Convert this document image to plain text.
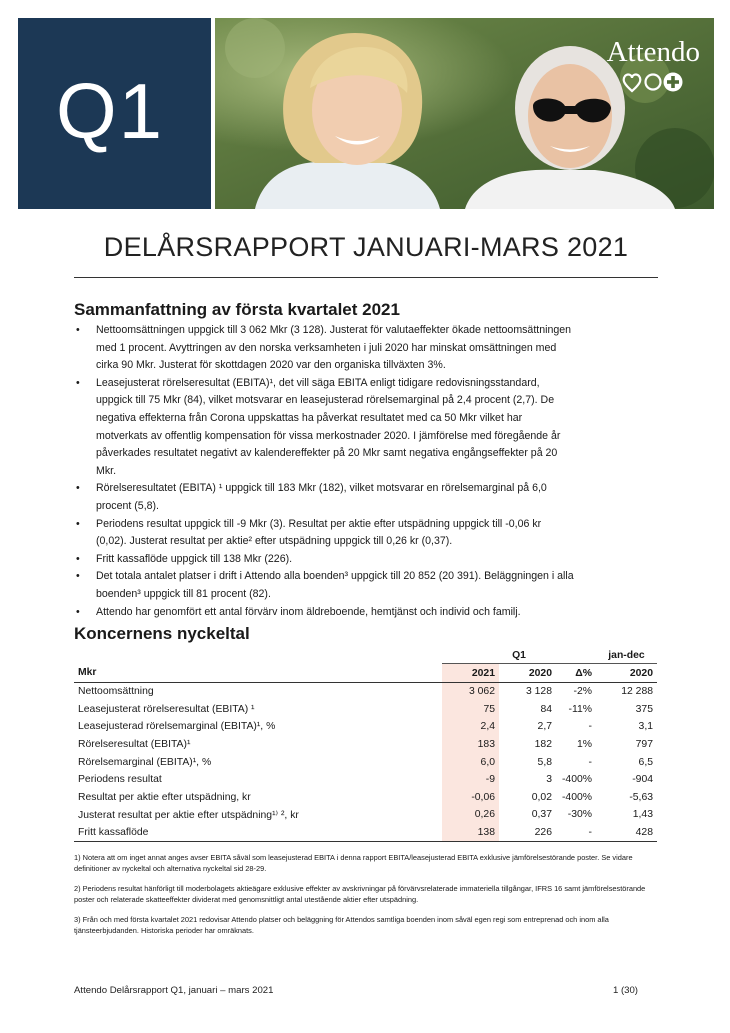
Q1
Attendo
DELÅRSRAPPORT JANUARI-MARS 2021
Sammanfattning av första kvartalet 2021
• Nettoomsättningen uppgick till 3 062 Mkr (3 128). Justerat för valutaeffekter ökade nettoomsättningen med 1 procent. Avyttringen av den norska verksamheten i juli 2020 har minskat omsättningen med cirka 90 Mkr. Justerat för skottdagen 2020 var den organiska tillväxten 3%.
• Leasejusterat rörelseresultat (EBITA)¹, det vill säga EBITA enligt tidigare redovisningsstandard, uppgick till 75 Mkr (84), vilket motsvarar en leasejusterad rörelsemarginal på 2,4 procent (2,7). De negativa effekterna från Corona uppskattas ha påverkat resultatet med ca 50 Mkr vilket har motverkats av offentlig kompensation för vissa merkostnader 2020. I jämförelse med föregående år påverkades resultatet negativt av kalendereffekter på 20 Mkr samt negativa engångseffekter på 20 Mkr.
• Rörelseresultatet (EBITA) ¹ uppgick till 183 Mkr (182), vilket motsvarar en rörelsemarginal på 6,0 procent (5,8).
• Periodens resultat uppgick till -9 Mkr (3). Resultat per aktie efter utspädning uppgick till -0,06 kr (0,02). Justerat resultat per aktie² efter utspädning uppgick till 0,26 kr (0,37).
• Fritt kassaflöde uppgick till 138 Mkr (226).
• Det totala antalet platser i drift i Attendo alla boenden³ uppgick till 20 852 (20 391). Beläggningen i alla boenden³ uppgick till 81 procent (82).
• Attendo har genomfört ett antal förvärv inom äldreboende, hemtjänst och individ och familj.
Koncernens nyckeltal
	Q1			jan-dec
Mkr	2021	2020	Δ%	2020
Nettoomsättning	3 062	3 128	-2%	12 288
Leasejusterat rörelseresultat (EBITA) ¹	75	84	-11%	375
Leasejusterad rörelsemarginal (EBITA)¹, %	2,4	2,7	-	3,1
Rörelseresultat (EBITA)¹	183	182	1%	797
Rörelsemarginal (EBITA)¹, %	6,0	5,8	-	6,5
Periodens resultat	-9	3	-400%	-904
Resultat per aktie efter utspädning, kr	-0,06	0,02	-400%	-5,63
Justerat resultat per aktie efter utspädning¹⁾ ², kr	0,26	0,37	-30%	1,43
Fritt kassaflöde	138	226	-	428

1) Notera att om inget annat anges avser EBITA såväl som leasejusterad EBITA i denna rapport EBITA/leasejusterad EBITA exklusive jämförelsestörande poster. Se vidare definitioner av nyckeltal och alternativa nyckeltal sid 28-29.

2) Periodens resultat hänförligt till moderbolagets aktieägare exklusive effekter av avskrivningar på förvärvsrelaterade immateriella tillgångar, IFRS 16 samt jämförelsestörande poster och relaterade skatteeffekter dividerat med genomsnittligt antal utestående aktier efter utspädning.

3) Från och med första kvartalet 2021 redovisar Attendo platser och beläggning för Attendos samtliga boenden inom såväl egen regi som entreprenad och inom alla tjänsteerbjudanden. Historiska perioder har omräknats.

Attendo Delårsrapport Q1, januari – mars 2021	1 (30)
